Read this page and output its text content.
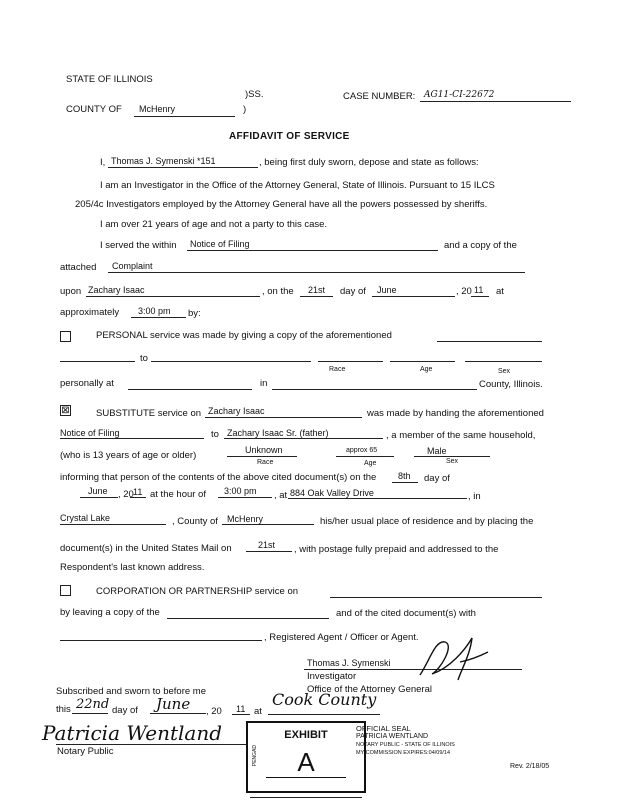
STATE OF ILLINOIS
)SS.
COUNTY OF McHenry	)
CASE NUMBER: AG11-CI-22672
AFFIDAVIT OF SERVICE
I, Thomas J. Symenski *151	, being first duly sworn, depose and state as follows:
I am an Investigator in the Office of the Attorney General, State of Illinois. Pursuant to 15 ILCS
205/4c Investigators employed by the Attorney General have all the powers possessed by sheriffs.
I am over 21 years of age and not a party to this case.
I served the within Notice of Filing	and a copy of the
attached Complaint
upon Zachary Isaac	, on the 21st day of June	, 20 11 at
approximately 3:00 pm by:
PERSONAL service was made by giving a copy of the aforementioned
to
Race	Age	Sex
personally at	in	County, Illinois.
⊠	SUBSTITUTE service on Zachary Isaac	was made by handing the aforementioned
Notice of Filing	to Zachary Isaac Sr. (father)	, a member of the same household,
(who is 13 years of age or older)	Unknown	approx 65	Male
Race	Age	Sex
informing that person of the contents of the above cited document(s) on the 8th day of
June , 20 11 at the hour of 3:00 pm , at 884 Oak Valley Drive	, in
Crystal Lake	, County of McHenry	his/her usual place of residence and by placing the
document(s) in the United States Mail on	21st , with postage fully prepaid and addressed to the
Respondent's last known address.
CORPORATION OR PARTNERSHIP service on
by leaving a copy of the	and of the cited document(s) with
, Registered Agent / Officer or Agent.
Thomas J. Symenski
Investigator
Office of the Attorney General
Subscribed and sworn to before me
this 22nd day of June , 20 11 at
Cook County
Patricia Wentland
Notary Public
EXHIBIT
PENGAD	A
OFFICIAL SEAL
PATRICIA WENTLAND
NOTARY PUBLIC - STATE OF ILLINOIS
MY COMMISSION EXPIRES:04/09/14
Rev. 2/18/05
